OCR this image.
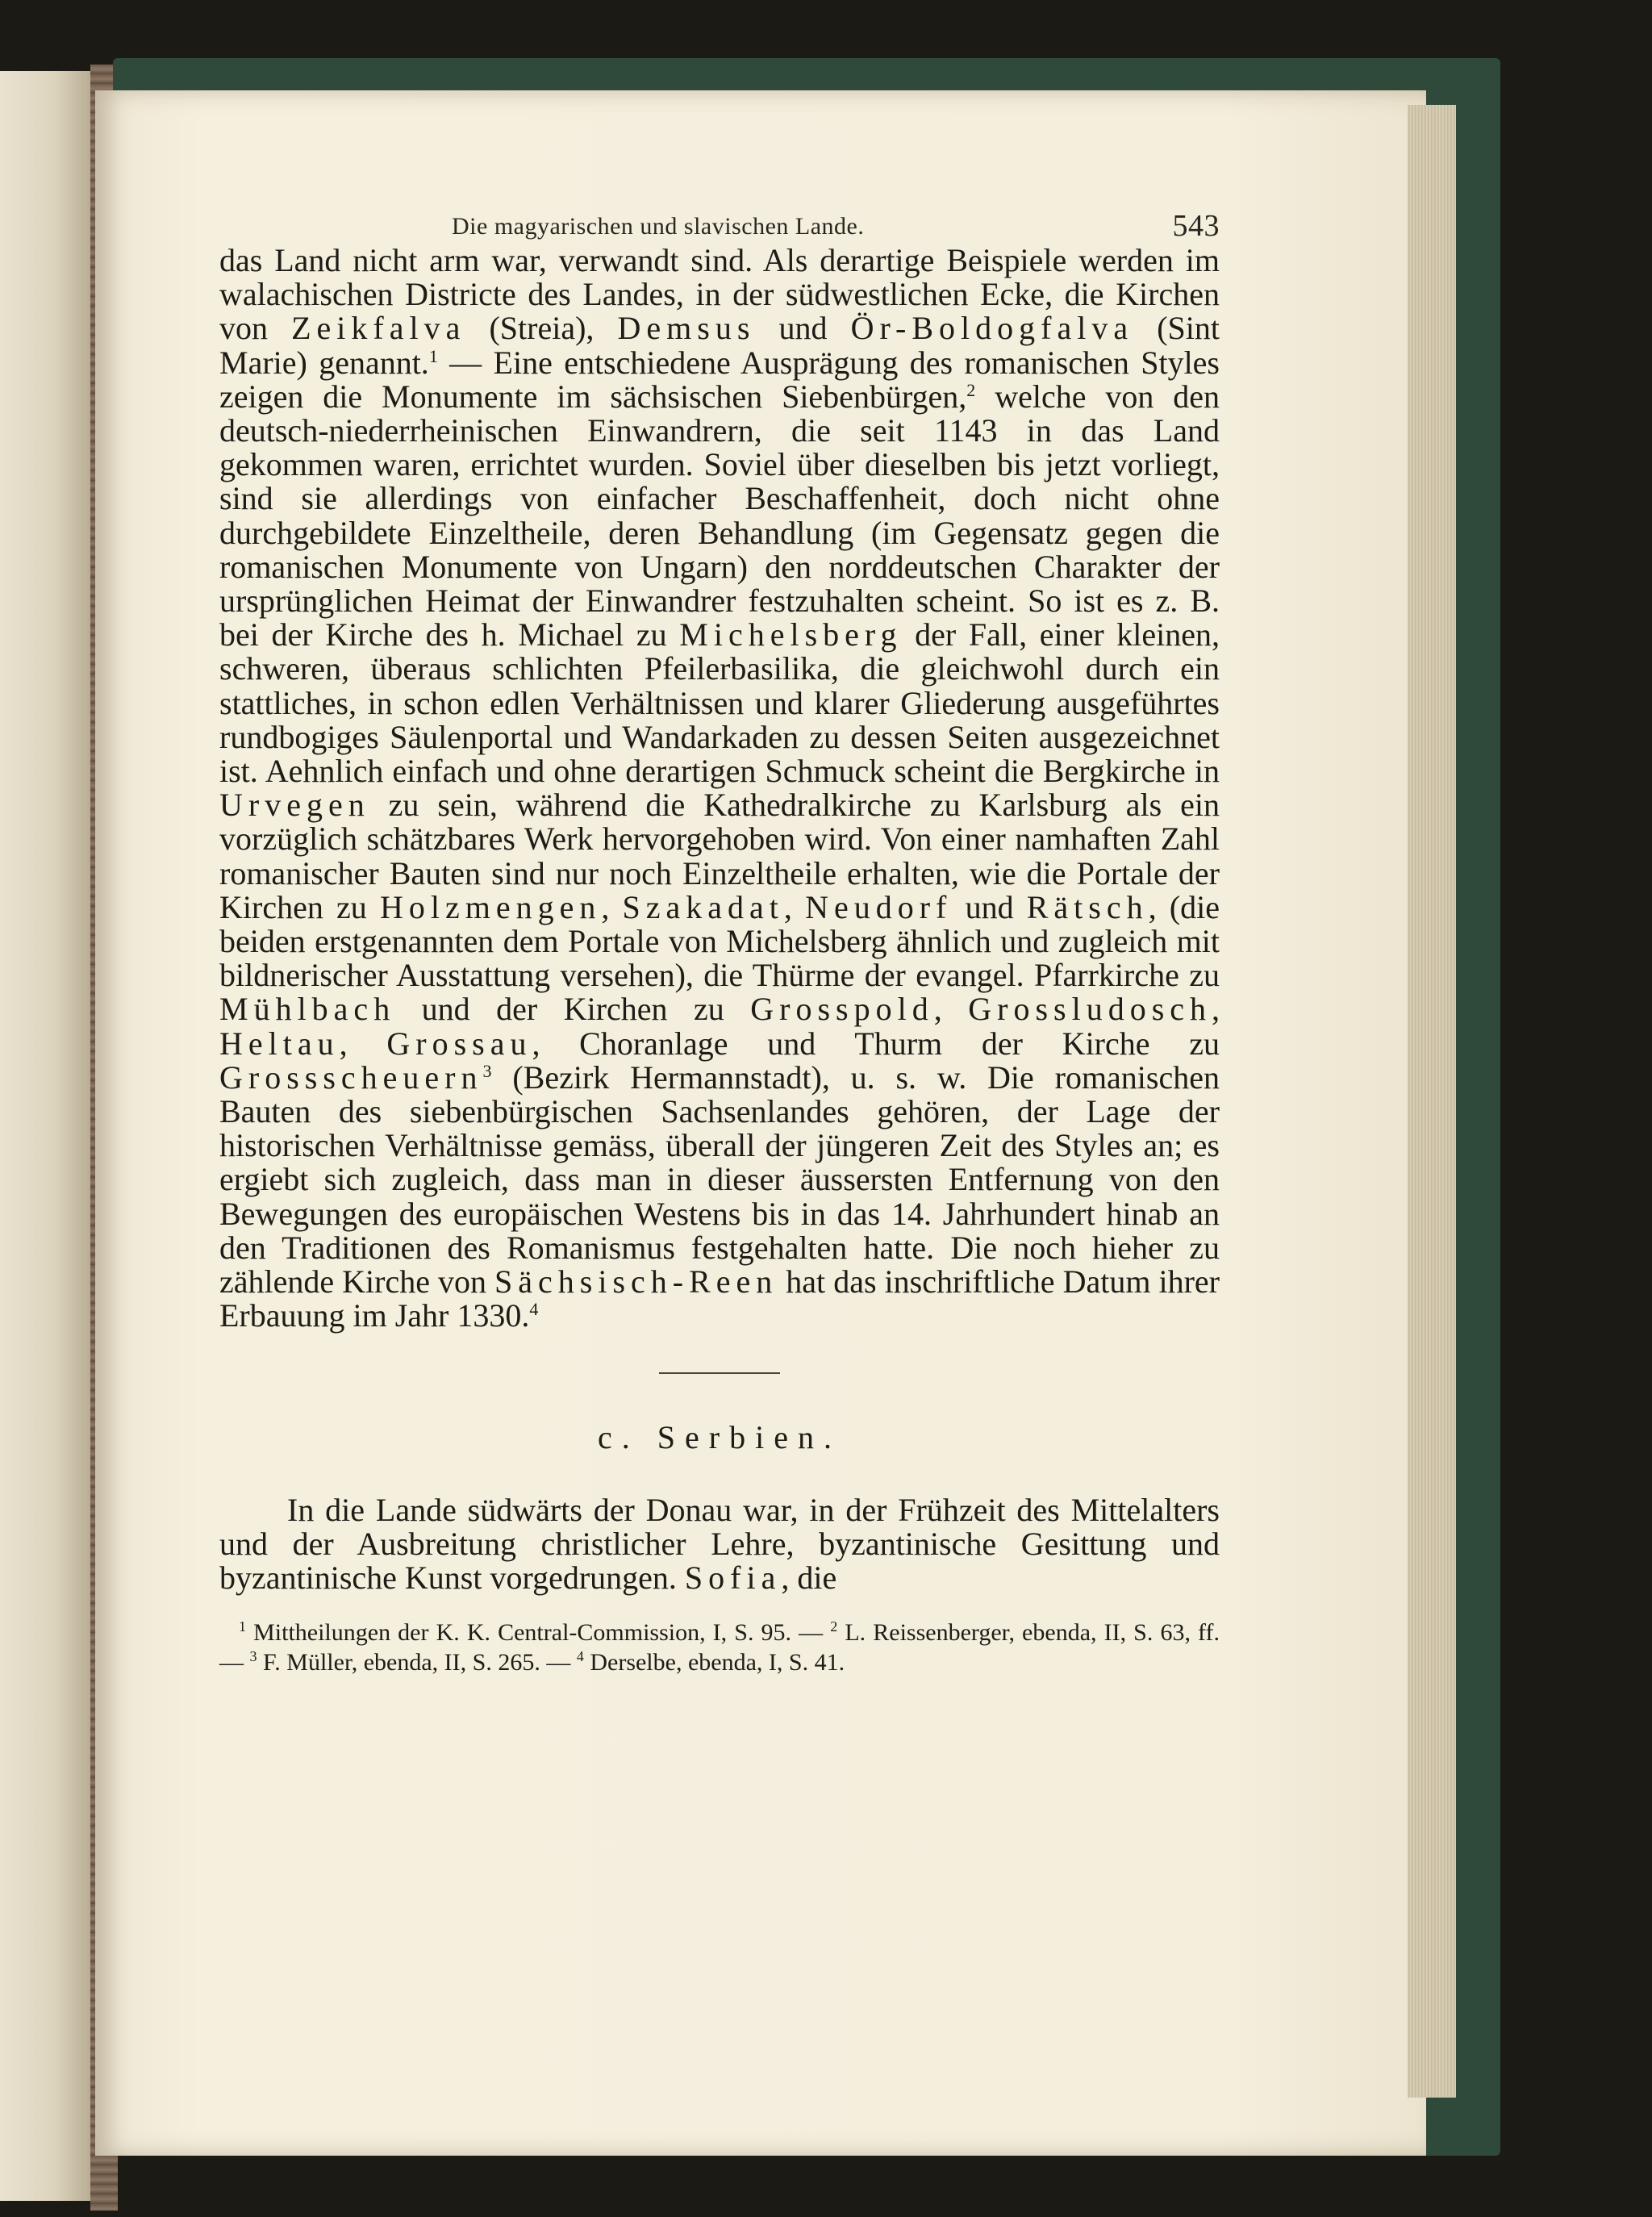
Die magyarischen und slavischen Lande.	543

das Land nicht arm war, verwandt sind. Als derartige Beispiele werden im walachischen Districte des Landes, in der südwestlichen Ecke, die Kirchen von Zeikfalva (Streia), Demsus und Ör-Boldogfalva (Sint Marie) genannt.$^1$ — Eine entschiedene Ausprägung des romanischen Styles zeigen die Monumente im sächsischen Siebenbürgen,$^2$ welche von den deutsch-niederrheinischen Einwandrern, die seit 1143 in das Land gekommen waren, errichtet wurden. Soviel über dieselben bis jetzt vorliegt, sind sie allerdings von einfacher Beschaffenheit, doch nicht ohne durchgebildete Einzeltheile, deren Behandlung (im Gegensatz gegen die romanischen Monumente von Ungarn) den norddeutschen Charakter der ursprünglichen Heimat der Einwandrer festzuhalten scheint. So ist es z. B. bei der Kirche des h. Michael zu Michelsberg der Fall, einer kleinen, schweren, überaus schlichten Pfeilerbasilika, die gleichwohl durch ein stattliches, in schon edlen Verhältnissen und klarer Gliederung ausgeführtes rundbogiges Säulenportal und Wandarkaden zu dessen Seiten ausgezeichnet ist. Aehnlich einfach und ohne derartigen Schmuck scheint die Bergkirche in Urvegen zu sein, während die Kathedralkirche zu Karlsburg als ein vorzüglich schätzbares Werk hervorgehoben wird. Von einer namhaften Zahl romanischer Bauten sind nur noch Einzeltheile erhalten, wie die Portale der Kirchen zu Holzmengen, Szakadat, Neudorf und Rätsch, (die beiden erstgenannten dem Portale von Michelsberg ähnlich und zugleich mit bildnerischer Ausstattung versehen), die Thürme der evangel. Pfarrkirche zu Mühlbach und der Kirchen zu Grosspold, Grossludosch, Heltau, Grossau, Choranlage und Thurm der Kirche zu Grossscheuern$^3$ (Bezirk Hermannstadt), u. s. w. Die romanischen Bauten des siebenbürgischen Sachsenlandes gehören, der Lage der historischen Verhältnisse gemäss, überall der jüngeren Zeit des Styles an; es ergiebt sich zugleich, dass man in dieser äussersten Entfernung von den Bewegungen des europäischen Westens bis in das 14. Jahrhundert hinab an den Traditionen des Romanismus festgehalten hatte. Die noch hieher zu zählende Kirche von Sächsisch-Reen hat das inschriftliche Datum ihrer Erbauung im Jahr 1330.$^4$

c. Serbien.

In die Lande südwärts der Donau war, in der Frühzeit des Mittelalters und der Ausbreitung christlicher Lehre, byzantinische Gesittung und byzantinische Kunst vorgedrungen. Sofia, die

$^1$ Mittheilungen der K. K. Central-Commission, I, S. 95. — $^2$ L. Reissenberger, ebenda, II, S. 63, ff. — $^3$ F. Müller, ebenda, II, S. 265. — $^4$ Derselbe, ebenda, I, S. 41.
